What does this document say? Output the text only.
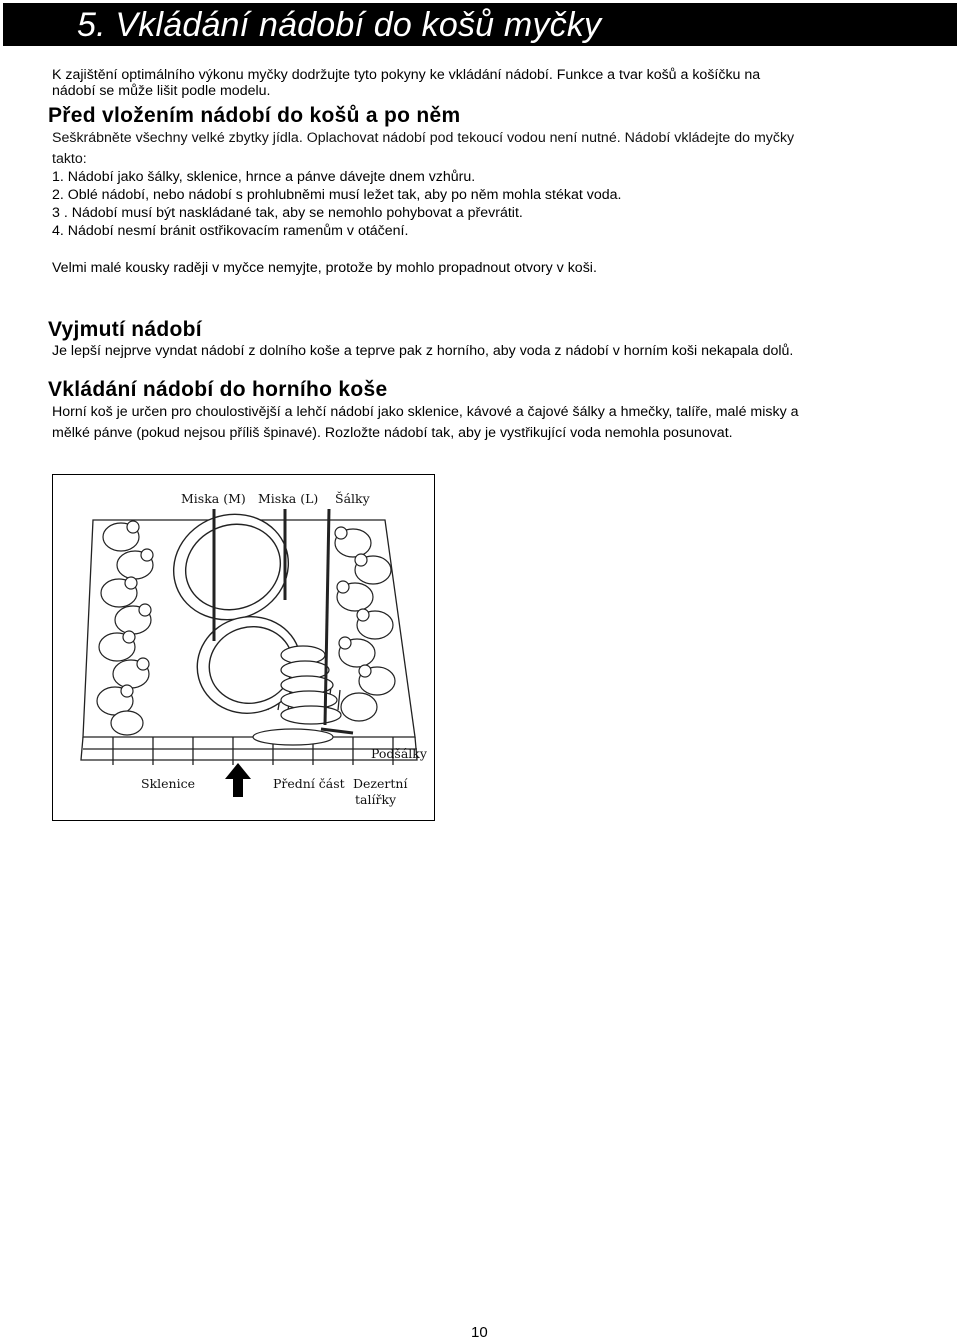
5. Vkládání nádobí do košů myčky
K zajištění optimálního výkonu myčky dodržujte tyto pokyny ke vkládání nádobí. Funkce a tvar košů a košíčku na
nádobí se může lišit podle modelu.
Před vložením nádobí do košů a po něm
Seškrábněte všechny velké zbytky jídla. Oplachovat nádobí pod tekoucí vodou není nutné. Nádobí vkládejte do myčky
takto:
1. Nádobí jako šálky, sklenice, hrnce a pánve dávejte dnem vzhůru.
2. Oblé nádobí, nebo nádobí s prohlubněmi musí ležet tak, aby po něm mohla stékat voda.
3 . Nádobí musí být naskládané tak, aby se nemohlo pohybovat a převrátit.
4. Nádobí nesmí bránit ostřikovacím ramenům v otáčení.
Velmi malé kousky raději v myčce nemyjte, protože by mohlo propadnout otvory v koši.
Vyjmutí nádobí
Je lepší nejprve vyndat nádobí z dolního koše a teprve pak z horního, aby voda z nádobí v horním koši nekapala dolů.
Vkládání nádobí do horního koše
Horní koš je určen pro choulostivější a lehčí nádobí jako sklenice, kávové a čajové šálky a hmečky, talíře, malé misky a
mělké pánve (pokud nejsou příliš špinavé). Rozložte nádobí tak, aby je vystřikující voda nemohla posunovat.
Miska (M) Miska (L) Šálky
Podšálky
Sklenice	Přední část Dezertní
talířky
10
